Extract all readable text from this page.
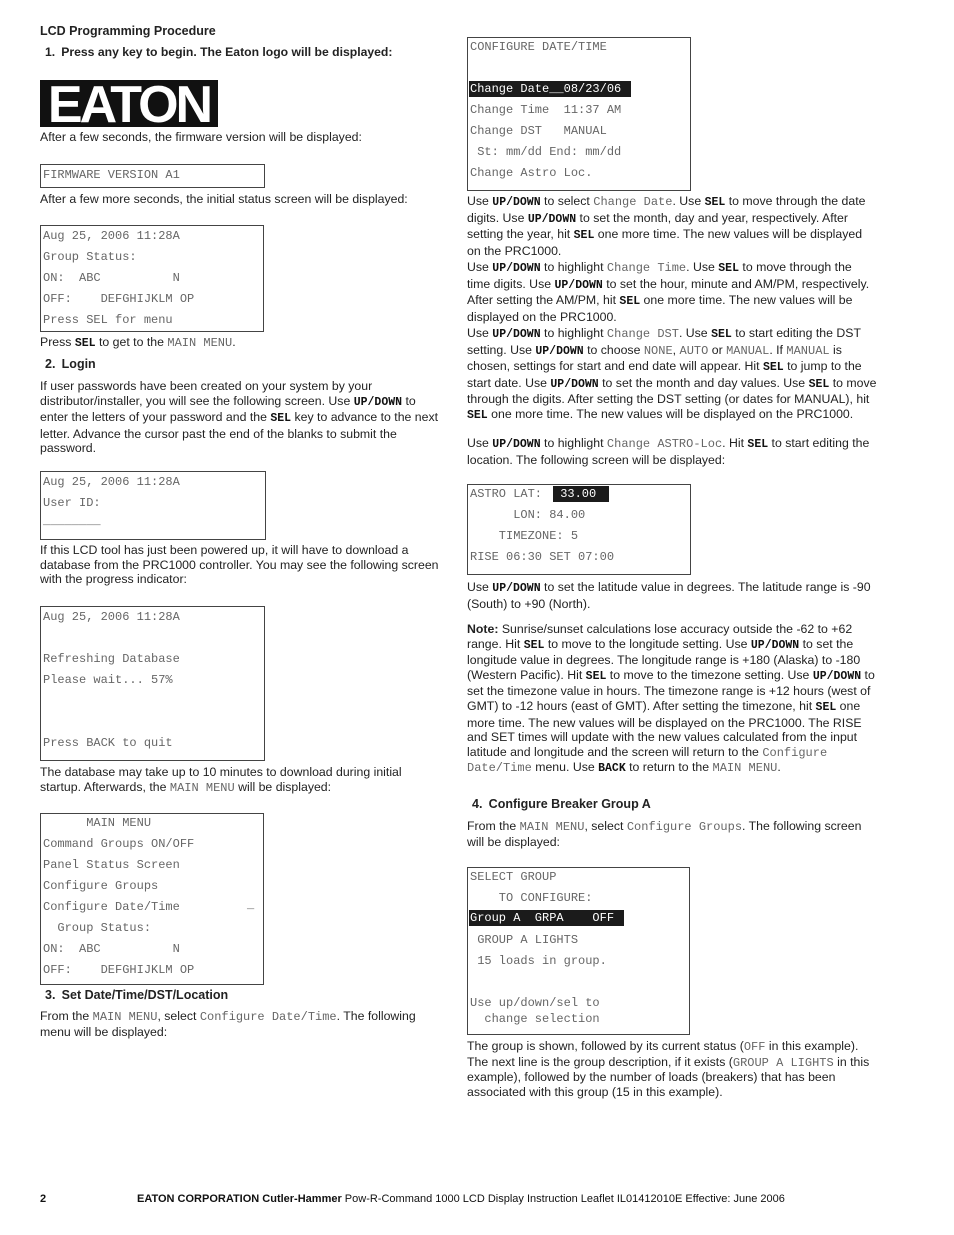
LCD Programming Procedure

1. Press any key to begin. The Eaton logo will be displayed:

EATON

After a few seconds, the firmware version will be displayed:

FIRMWARE VERSION A1

After a few more seconds, the initial status screen will be displayed:

Aug 25, 2006 11:28A
Group Status:
ON:  ABC          N
OFF:    DEFGHIJKLM OP
Press SEL for menu

Press SEL to get to the MAIN MENU.

2. Login

If user passwords have been created on your system by your distributor/installer, you will see the following screen. Use UP/DOWN to enter the letters of your password and the SEL key to advance to the next letter. Advance the cursor past the end of the blanks to submit the password.

Aug 25, 2006 11:28A
User ID:
________

If this LCD tool has just been powered up, it will have to download a database from the PRC1000 controller. You may see the following screen with the progress indicator:

Aug 25, 2006 11:28A
Refreshing Database
Please wait... 57%
Press BACK to quit

The database may take up to 10 minutes to download during initial startup. Afterwards, the MAIN MENU will be displayed:

MAIN MENU
Command Groups ON/OFF
Panel Status Screen
Configure Groups
Configure Date/Time	_
Group Status:
ON:  ABC          N
OFF:    DEFGHIJKLM OP

3. Set Date/Time/DST/Location

From the MAIN MENU, select Configure Date/Time. The following menu will be displayed:

CONFIGURE DATE/TIME
Change Date__08/23/06
Change Time  11:37 AM
Change DST   MANUAL
St: mm/dd End: mm/dd
Change Astro Loc.

Use UP/DOWN to select Change Date. Use SEL to move through the date digits. Use UP/DOWN to set the month, day and year, respectively. After setting the year, hit SEL one more time. The new values will be displayed on the PRC1000.

Use UP/DOWN to highlight Change Time. Use SEL to move through the time digits. Use UP/DOWN to set the hour, minute and AM/PM, respectively. After setting the AM/PM, hit SEL one more time. The new values will be displayed on the PRC1000.

Use UP/DOWN to highlight Change DST. Use SEL to start editing the DST setting. Use UP/DOWN to choose NONE, AUTO or MANUAL. If MANUAL is chosen, settings for start and end date will appear. Hit SEL to jump to the start date. Use UP/DOWN to set the month and day values. Use SEL to move through the digits. After setting the DST setting (or dates for MANUAL), hit SEL one more time. The new values will be displayed on the PRC1000.

Use UP/DOWN to highlight Change ASTRO-Loc. Hit SEL to start editing the location. The following screen will be displayed:

ASTRO LAT: 33.00
LON: 84.00
TIMEZONE: 5
RISE 06:30 SET 07:00

Use UP/DOWN to set the latitude value in degrees. The latitude range is -90 (South) to +90 (North).

Note: Sunrise/sunset calculations lose accuracy outside the -62 to +62 range. Hit SEL to move to the longitude setting. Use UP/DOWN to set the longitude value in degrees. The longitude range is +180 (Alaska) to -180 (Western Pacific). Hit SEL to move to the timezone setting. Use UP/DOWN to set the timezone value in hours. The timezone range is +12 hours (west of GMT) to -12 hours (east of GMT). After setting the timezone, hit SEL one more time. The new values will be displayed on the PRC1000. The RISE and SET times will update with the new values calculated from the input latitude and longitude and the screen will return to the Configure Date/Time menu. Use BACK to return to the MAIN MENU.

4. Configure Breaker Group A

From the MAIN MENU, select Configure Groups. The following screen will be displayed:

SELECT GROUP
TO CONFIGURE:
Group A  GRPA    OFF
GROUP A LIGHTS
15 loads in group.
Use up/down/sel to
change selection

The group is shown, followed by its current status (OFF in this example). The next line is the group description, if it exists (GROUP A LIGHTS in this example), followed by the number of loads (breakers) that has been associated with this group (15 in this example).

2	EATON CORPORATION Cutler-Hammer Pow-R-Command 1000 LCD Display Instruction Leaflet IL01412010E Effective: June 2006
